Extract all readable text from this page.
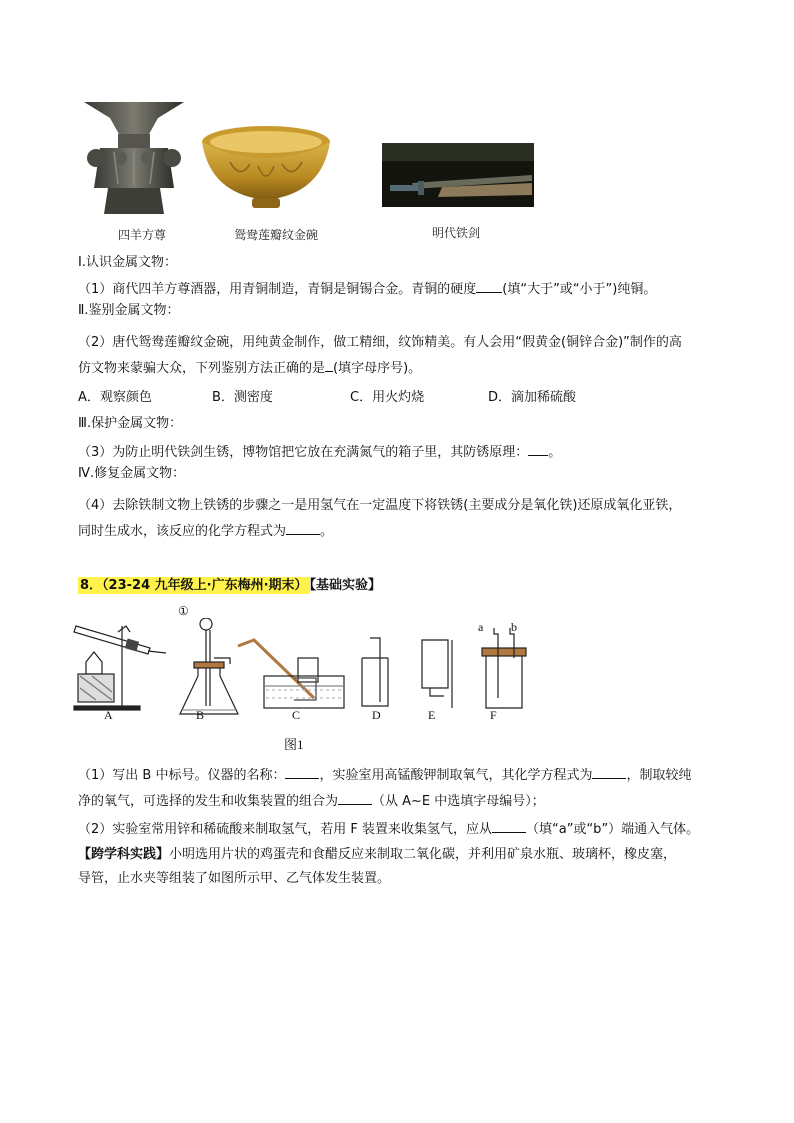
四羊方尊	鸳鸯莲瓣纹金碗	明代铁剑
Ⅰ.认识金属文物：
（1）商代四羊方尊酒器，用青铜制造，青铜是铜锡合金。青铜的硬度 (填“大于”或“小于”)纯铜。
Ⅱ.鉴别金属文物：
（2）唐代鸳鸯莲瓣纹金碗，用纯黄金制作，做工精细，纹饰精美。有人会用“假黄金(铜锌合金)”制作的高
仿文物来蒙骗大众，下列鉴别方法正确的是 (填字母序号)。
A．观察颜色	B．测密度	C．用火灼烧	D．滴加稀硫酸
Ⅲ.保护金属文物：
（3）为防止明代铁剑生锈，博物馆把它放在充满氮气的箱子里，其防锈原理： 。
Ⅳ.修复金属文物：
（4）去除铁制文物上铁锈的步骤之一是用氢气在一定温度下将铁锈(主要成分是氧化铁)还原成氧化亚铁，
同时生成水，该反应的化学方程式为	。
8．（23-24 九年级上·广东梅州·期末） 【基础实验】
①
a b
A	B	C	D	E	F
图1
（1）写出 B 中标号。仪器的名称：	，实验室用高锰酸钾制取氧气，其化学方程式为	，制取较纯
净的氧气，可选择的发生和收集装置的组合为	（从 A~E 中选填字母编号）；
（2）实验室常用锌和稀硫酸来制取氢气，若用 F 装置来收集氢气，应从	（填“a”或“b”）端通入气体。
【跨学科实践】小明选用片状的鸡蛋壳和食醋反应来制取二氧化碳，并利用矿泉水瓶、玻璃杯，橡皮塞，
导管，止水夹等组装了如图所示甲、乙气体发生装置。
